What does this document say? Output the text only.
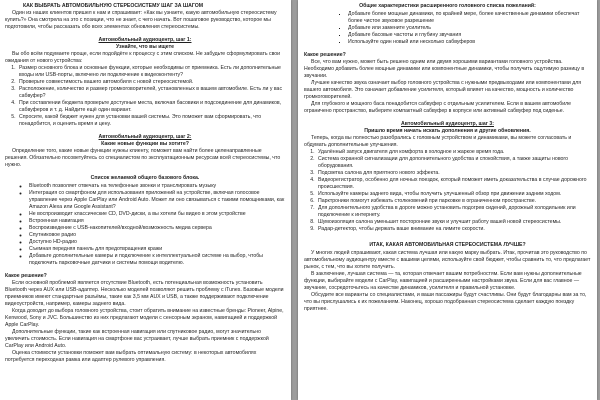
КАК ВЫБРАТЬ АВТОМОБИЛЬНУЮ СТЕРЕОСИСТЕМУ ШАГ ЗА ШАГОМ

Один из наших клиентов пришел к нам и спрашивает: «Как вы узнаете, какую автомобильную стереосистему купить?» Она смотрела на это с позиции, что не знает, с чего начать. Вот пошаговое руководство, которое мы подготовили, чтобы рассказать обо всех элементах обновления стереосистемы.

Автомобильный аудиоцентр, шаг 1:
Узнайте, что вы ищете

Вы обо всём подумаете проще, если подойдёте к процессу с этим списком. Не забудьте сформулировать свои ожидания от нового устройства:

1. Размер основного блока и основные функции, которые необходимы от приемника. Есть ли дополнительные входы или USB-порты, включено ли подключение к видеоконтенту?
2. Проверьте совместимость вашего автомобиля с новой стереосистемой.
3. Расположение, количество и размер громкоговорителей, установленных в вашем автомобиле. Есть ли у вас сабвуфер?
4. При составлении бюджета проверьте доступные места, включая басовики и подсоединение для динамиков, сабвуферов и т. д. Найдите ещё один вариант.
5. Спросите, какой бюджет нужен для установки вашей системы. Это поможет вам сформировать, что понадобится, и оценить время и цену.
Автомобильный аудиоцентр, шаг 2:
Какие новые функции вы хотите?

Определение того, какие новые функции нужны клиенту, поможет вам найти более целенаправленные решения. Обязательно посоветуйтесь со специалистом по эксплуатационным ресурсам всей стереосистемы, что нужно.

Список желаемой общего базового блока.
◦ Bluetooth позволяет отвечать на телефонные звонки и транслировать музыку
◦ Интеграция со смартфоном для использования приложений на устройстве, включая голосовое управление через Apple CarPlay или Android Auto. Может ли оно связываться с такими помощниками, как Amazon Alexa или Google Assistant?
◦ Не воспроизводит классические CD, DVD-диски, а вы хотели бы видео в этом устройстве
◦ Встроенная навигация
◦ Воспроизведение с USB-накопителей/входной/возможность медиа сервера
◦ Спутниковое радио
◦ Доступно HD-радио
◦ Съемная передняя панель для предотвращения кражи
◦ Добавьте дополнительные камеры и подключение к интеллектуальной системе на выбор, чтобы подключить парковочные датчики и системы помощи водителю.
Какое решение?

Если основной проблемой является отсутствие Bluetooth, есть потенциальная возможность установить Bluetooth через AUX или USB-адаптер. Несколько моделей позволяют решить проблему с iTunes. Базовые модели приемников имеют стандартные разъёмы, такие как 3,5 мм AUX и USB, а также поддерживают подключение видеоустройств, например, камеры заднего вида.

Когда доходит до выбора головного устройства, стоит обратить внимание на известные бренды: Pioneer, Alpine, Kenwood, Sony и JVC. Большинство из них предлагают модели с сенсорным экраном, навигацией и поддержкой Apple CarPlay.

Дополнительные функции, такие как встроенная навигация или спутниковое радио, могут значительно увеличить стоимость. Если навигация на смартфоне вас устраивает, лучше выбрать приемник с поддержкой CarPlay или Android Auto.

Оценка стоимости установки поможет вам выбрать оптимальную систему: в некоторых автомобилях потребуется переходная рамка или адаптер рулевого управления.

Общие характеристики расширенного головного списка пожеланий:
▪ Добавьте более мощные динамики, по крайней мере, более качественные динамики обеспечат более чистое звуковое разрешение
▪ Добавьте или замените усилитель
▪ Добавьте басовые частоты и глубину звучания
▪ Используйте один новый или несколько сабвуферов
Какое решение?

Все, что вам нужно, может быть решено одним или двумя хорошими вариантами головного устройства. Необходимо добавить более мощные динамики или компонентные динамики, чтобы получить ощутимую разницу в звучании.

Лучшее качество звука означает выбор головного устройства с нужными предвыходами или компонентами для вашего автомобиля. Это означает добавление усилителя, который влияет на качество, мощность и количество громкоговорителей.

Для глубокого и мощного баса понадобится сабвуфер с отдельным усилителем. Если в вашем автомобиле ограничено пространство, выберите компактный сабвуфер в корпусе или активный сабвуфер под сиденье.

Автомобильный аудиоцентр, шаг 3:
Пришло время начать искать дополнения и другие обновления.

Теперь, когда вы полностью разобрались с головным устройством и динамиками, вы можете согласовать и обдумать дополнительные улучшения.

1. Удалённый запуск двигателя для комфорта в холодное и жаркое время года.
2. Система охранной сигнализации для дополнительного удобства и спокойствия, а также защиты нового оборудования.
3. Подсветка салона для приятного нового эффекта.
4. Видеорегистратор, особенно для ночных поездок, который поможет иметь доказательства в случае дорожного происшествия.
5. Используйте камеры заднего вида, чтобы получить улучшенный обзор при движении задним ходом.
6. Парктроники помогут избежать столкновений при парковке в ограниченном пространстве.
7. Для дополнительного удобства в дороге можно установить подогрев сидений, дорожный холодильник или подключение к интернету.
8. Шумоизоляция салона уменьшит посторонние звуки и улучшит работу вашей новой стереосистемы.
9. Радар-детектор, чтобы держать ваше внимание на лимите скорости.
ИТАК, КАКАЯ АВТОМОБИЛЬНАЯ СТЕРЕОСИСТЕМА ЛУЧШЕ?

У многих людей спрашивают, какая система лучшая или какую марку выбрать. Итак, прочитав это руководство по автомобильному аудиоцентру вместе с вашими целями, используйте свой бюджет, чтобы сравнить то, что предлагает рынок, с тем, что вы хотите получить.

В заключение, лучшая система — та, которая отвечает вашим потребностям. Если вам нужны дополнительные функции, выбирайте модели с CarPlay, навигацией и расширенными настройками звука. Если для вас главное — звучание, сосредоточьтесь на качестве динамиков, усилителя и правильной установке.

Обсудите все варианты со специалистами, и ваши пассажиры будут счастливы. Они будут благодарны вам за то, что вы прислушались к их пожеланиям. Наконец, хорошо подобранная стереосистема сделает каждую поездку приятнее.
